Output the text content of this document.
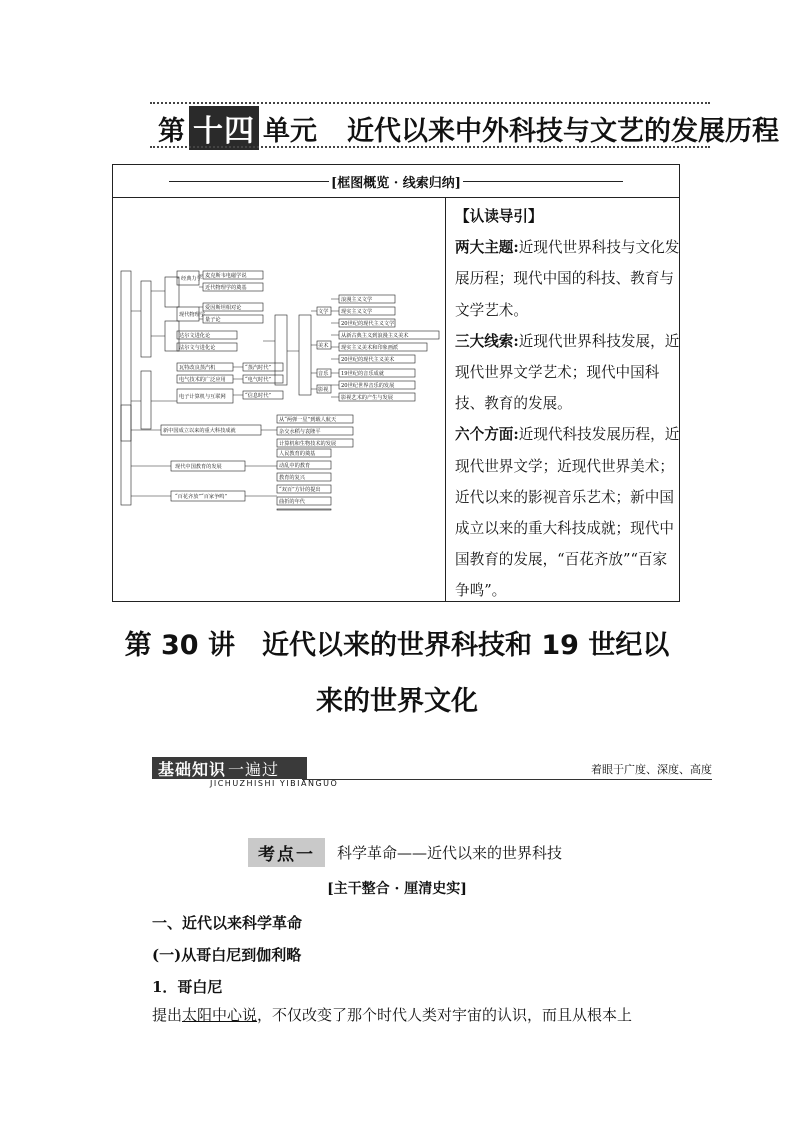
第 十四 单元 近代以来中外科技与文艺的发展历程
[框图概览 · 线索归纳]
经典力学
现代物理学
麦克斯韦电磁学说
近代物理学的奠基
爱因斯坦相对论
量子论
达尔文进化论
法尔文与进化论
瓦特改良蒸汽机	“蒸汽时代”
电气技术的广泛应用	“电气时代”
电子计算机与互联网	“信息时代”
文学
美术
音乐
影视
浪漫主义文学
现实主义文学
20世纪的现代主义文学
从新古典主义到浪漫主义美术
现实主义美术和印象画派
20世纪的现代主义美术
19世纪的音乐成就
20世纪世界音乐的发展
影视艺术的产生与发展
新中国成立以来的重大科技成就
现代中国教育的发展
“百花齐放”“百家争鸣”
从“两弹一星”到载人航天
杂交水稻与袁隆平
计算机和生物技术的发展
人民教育的奠基
动乱中的教育
教育的复兴
“双百”方针的提出
曲折的年代

【认读导引】

两大主题:近现代世界科技与文化发展历程；现代中国的科技、教育与文学艺术。

三大线索:近现代世界科技发展，近现代世界文学艺术；现代中国科技、教育的发展。

六个方面:近现代科技发展历程，近现代世界文学；近现代世界美术；近代以来的影视音乐艺术；新中国成立以来的重大科技成就；现代中国教育的发展，“百花齐放”“百家争鸣”。

第 30 讲　近代以来的世界科技和 19 世纪以
来的世界文化
基础知识 一遍过
JICHUZHISHI YIBIANGUO
着眼于广度、深度、高度
考点一	科学革命——近代以来的世界科技
[主干整合 · 厘清史实]
一、近代以来科学革命
(一)从哥白尼到伽利略
1．哥白尼
提出太阳中心说，不仅改变了那个时代人类对宇宙的认识，而且从根本上
